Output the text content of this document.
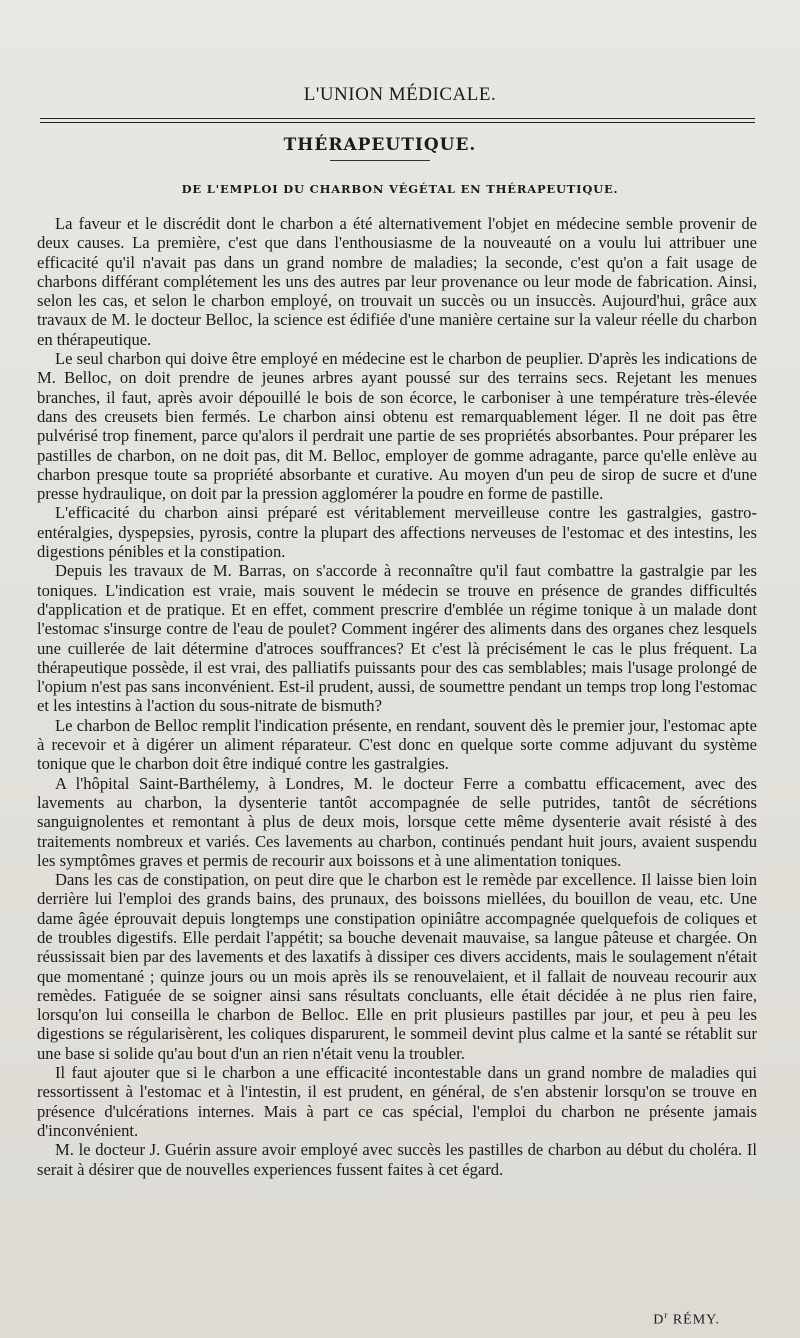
L'UNION MÉDICALE.
THÉRAPEUTIQUE.
DE L'EMPLOI DU CHARBON VÉGÉTAL EN THÉRAPEUTIQUE.

La faveur et le discrédit dont le charbon a été alternativement l'objet en médecine semble provenir de deux causes. La première, c'est que dans l'enthousiasme de la nouveauté on a voulu lui attribuer une efficacité qu'il n'avait pas dans un grand nombre de maladies; la seconde, c'est qu'on a fait usage de charbons différant complétement les uns des autres par leur provenance ou leur mode de fabrication. Ainsi, selon les cas, et selon le charbon employé, on trouvait un succès ou un insuccès. Aujourd'hui, grâce aux travaux de M. le docteur Belloc, la science est édifiée d'une manière certaine sur la valeur réelle du charbon en thérapeutique.

Le seul charbon qui doive être employé en médecine est le charbon de peuplier. D'après les indications de M. Belloc, on doit prendre de jeunes arbres ayant poussé sur des terrains secs. Rejetant les menues branches, il faut, après avoir dépouillé le bois de son écorce, le carboniser à une température très-élevée dans des creusets bien fermés. Le charbon ainsi obtenu est remarquablement léger. Il ne doit pas être pulvérisé trop finement, parce qu'alors il perdrait une partie de ses propriétés absorbantes. Pour préparer les pastilles de charbon, on ne doit pas, dit M. Belloc, employer de gomme adragante, parce qu'elle enlève au charbon presque toute sa propriété absorbante et curative. Au moyen d'un peu de sirop de sucre et d'une presse hydraulique, on doit par la pression agglomérer la poudre en forme de pastille.

L'efficacité du charbon ainsi préparé est véritablement merveilleuse contre les gastralgies, gastro-entéralgies, dyspepsies, pyrosis, contre la plupart des affections nerveuses de l'estomac et des intestins, les digestions pénibles et la constipation.

Depuis les travaux de M. Barras, on s'accorde à reconnaître qu'il faut combattre la gastralgie par les toniques. L'indication est vraie, mais souvent le médecin se trouve en présence de grandes difficultés d'application et de pratique. Et en effet, comment prescrire d'emblée un régime tonique à un malade dont l'estomac s'insurge contre de l'eau de poulet? Comment ingérer des aliments dans des organes chez lesquels une cuillerée de lait détermine d'atroces souffrances? Et c'est là précisément le cas le plus fréquent. La thérapeutique possède, il est vrai, des palliatifs puissants pour des cas semblables; mais l'usage prolongé de l'opium n'est pas sans inconvénient. Est-il prudent, aussi, de soumettre pendant un temps trop long l'estomac et les intestins à l'action du sous-nitrate de bismuth?

Le charbon de Belloc remplit l'indication présente, en rendant, souvent dès le premier jour, l'estomac apte à recevoir et à digérer un aliment réparateur. C'est donc en quelque sorte comme adjuvant du système tonique que le charbon doit être indiqué contre les gastralgies.

A l'hôpital Saint-Barthélemy, à Londres, M. le docteur Ferre a combattu efficacement, avec des lavements au charbon, la dysenterie tantôt accompagnée de selle putrides, tantôt de sécrétions sanguignolentes et remontant à plus de deux mois, lorsque cette même dysenterie avait résisté à des traitements nombreux et variés. Ces lavements au charbon, continués pendant huit jours, avaient suspendu les symptômes graves et permis de recourir aux boissons et à une alimentation toniques.

Dans les cas de constipation, on peut dire que le charbon est le remède par excellence. Il laisse bien loin derrière lui l'emploi des grands bains, des prunaux, des boissons miellées, du bouillon de veau, etc. Une dame âgée éprouvait depuis longtemps une constipation opiniâtre accompagnée quelquefois de coliques et de troubles digestifs. Elle perdait l'appétit; sa bouche devenait mauvaise, sa langue pâteuse et chargée. On réussissait bien par des lavements et des laxatifs à dissiper ces divers accidents, mais le soulagement n'était que momentané ; quinze jours ou un mois après ils se renouvelaient, et il fallait de nouveau recourir aux remèdes. Fatiguée de se soigner ainsi sans résultats concluants, elle était décidée à ne plus rien faire, lorsqu'on lui conseilla le charbon de Belloc. Elle en prit plusieurs pastilles par jour, et peu à peu les digestions se régularisèrent, les coliques disparurent, le sommeil devint plus calme et la santé se rétablit sur une base si solide qu'au bout d'un an rien n'était venu la troubler.

Il faut ajouter que si le charbon a une efficacité incontestable dans un grand nombre de maladies qui ressortissent à l'estomac et à l'intestin, il est prudent, en général, de s'en abstenir lorsqu'on se trouve en présence d'ulcérations internes. Mais à part ce cas spécial, l'emploi du charbon ne présente jamais d'inconvénient.

M. le docteur J. Guérin assure avoir employé avec succès les pastilles de charbon au début du choléra. Il serait à désirer que de nouvelles experiences fussent faites à cet égard.

$D^r$ RÉMY.
